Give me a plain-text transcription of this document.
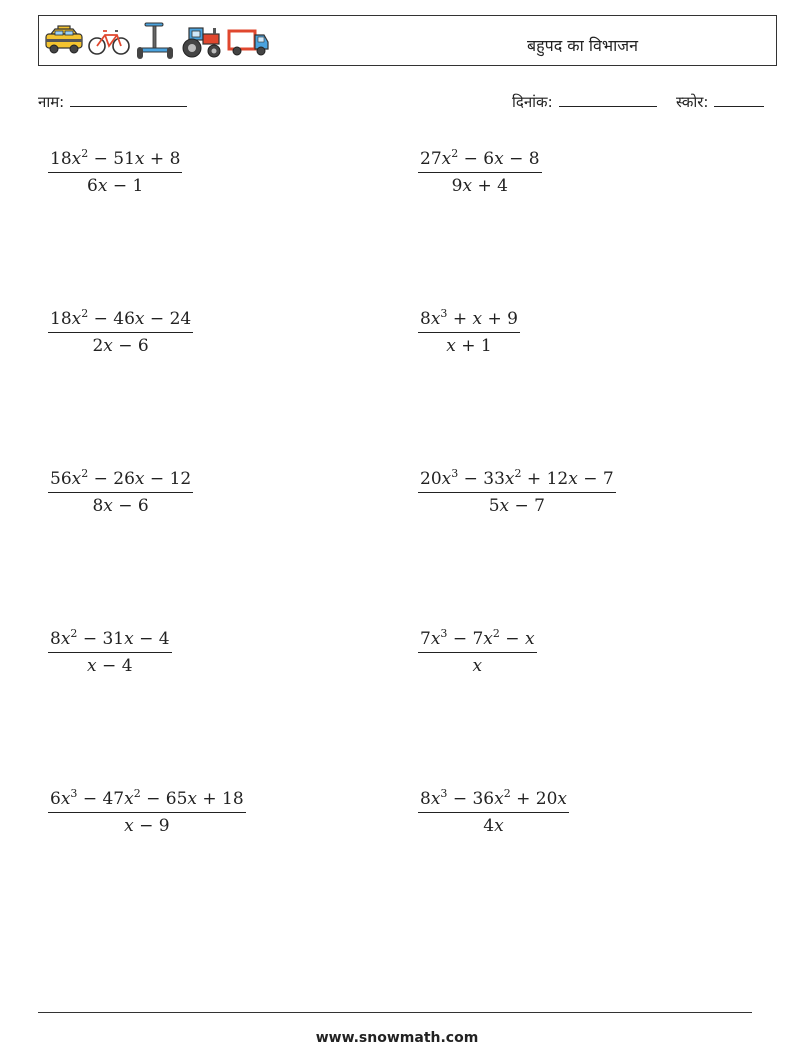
बहुपद का विभाजन
नाम:	दिनांक:	स्कोर:
$\frac{18x^2 - 51x + 8}{6x - 1}$	$\frac{27x^2 - 6x - 8}{9x + 4}$
$\frac{18x^2 - 46x - 24}{2x - 6}$	$\frac{8x^3 + x + 9}{x + 1}$
$\frac{56x^2 - 26x - 12}{8x - 6}$	$\frac{20x^3 - 33x^2 + 12x - 7}{5x - 7}$
$\frac{8x^2 - 31x - 4}{x - 4}$	$\frac{7x^3 - 7x^2 - x}{x}$
$\frac{6x^3 - 47x^2 - 65x + 18}{x - 9}$	$\frac{8x^3 - 36x^2 + 20x}{4x}$
www.snowmath.com
